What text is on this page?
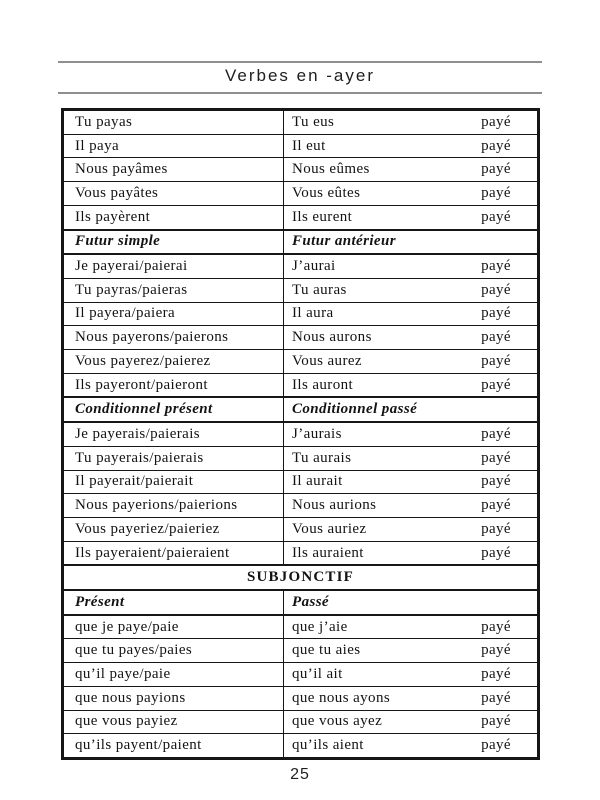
Verbes en -ayer
Tu payas	Tu eus	payé
Il paya	Il eut	payé
Nous payâmes	Nous eûmes	payé
Vous payâtes	Vous eûtes	payé
Ils payèrent	Ils eurent	payé
Futur simple	Futur antérieur
Je payerai/paierai	J’aurai	payé
Tu payras/paieras	Tu auras	payé
Il payera/paiera	Il aura	payé
Nous payerons/paierons	Nous aurons	payé
Vous payerez/paierez	Vous aurez	payé
Ils payeront/paieront	Ils auront	payé
Conditionnel présent	Conditionnel passé
Je payerais/paierais	J’aurais	payé
Tu payerais/paierais	Tu aurais	payé
Il payerait/paierait	Il aurait	payé
Nous payerions/paierions	Nous aurions	payé
Vous payeriez/paieriez	Vous auriez	payé
Ils payeraient/paieraient	Ils auraient	payé
SUBJONCTIF
Présent	Passé
que je paye/paie	que j’aie	payé
que tu payes/paies	que tu aies	payé
qu’il paye/paie	qu’il ait	payé
que nous payions	que nous ayons	payé
que vous payiez	que vous ayez	payé
qu’ils payent/paient	qu’ils aient	payé
25
